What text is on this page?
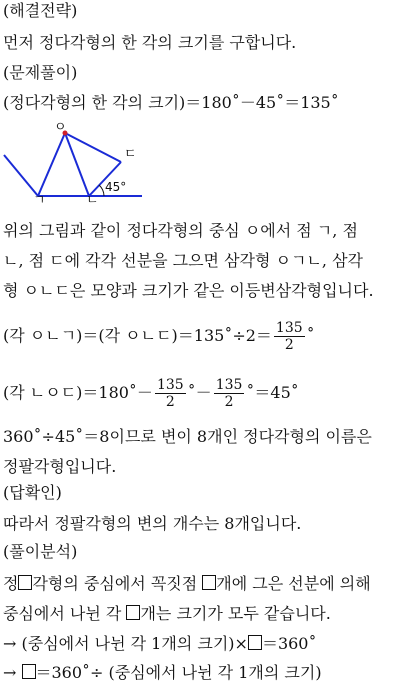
(해결전략)
먼저 정다각형의 한 각의 크기를 구합니다.
(문제풀이)
(정다각형의 한 각의 크기)＝180˚－45˚＝135˚
ㅇ
ㄱ	ㄴ
ㄷ
45°
위의 그림과 같이 정다각형의 중심 ㅇ에서 점 ㄱ, 점
ㄴ, 점 ㄷ에 각각 선분을 그으면 삼각형 ㅇㄱㄴ, 삼각
형 ㅇㄴㄷ은 모양과 크기가 같은 이등변삼각형입니다.
(각 ㅇㄴㄱ)＝(각 ㅇㄴㄷ)＝135˚÷2＝ $\frac{135}{2}$ ˚
(각 ㄴㅇㄷ)＝180˚－ $\frac{135}{2}$ ˚－ $\frac{135}{2}$ ˚＝45˚
360˚÷45˚＝8이므로 변이 8개인 정다각형의 이름은
정팔각형입니다.
(답확인)
따라서 정팔각형의 변의 개수는 8개입니다.
(풀이분석)
정 각형의 중심에서 꼭짓점 개에 그은 선분에 의해
중심에서 나뉜 각 개는 크기가 모두 같습니다.
→ (중심에서 나뉜 각 1개의 크기)× ＝360˚
→ ＝360˚÷ (중심에서 나뉜 각 1개의 크기)
